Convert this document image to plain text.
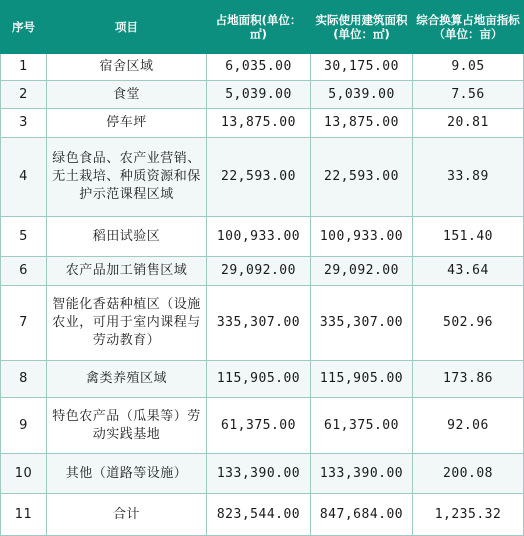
序号	项目	占地面积(单位：㎡)	实际使用建筑面积(单位：㎡)	综合换算占地亩指标（单位：亩）
1	宿舍区域	6,035.00	30,175.00	9.05
2	食堂	5,039.00	5,039.00	7.56
3	停车坪	13,875.00	13,875.00	20.81
4	绿色食品、农产业营销、无土栽培、种质资源和保护示范课程区域	22,593.00	22,593.00	33.89
5	稻田试验区	100,933.00	100,933.00	151.40
6	农产品加工销售区域	29,092.00	29,092.00	43.64
7	智能化香菇种植区（设施农业，可用于室内课程与劳动教育）	335,307.00	335,307.00	502.96
8	禽类养殖区域	115,905.00	115,905.00	173.86
9	特色农产品（瓜果等）劳动实践基地	61,375.00	61,375.00	92.06
10	其他（道路等设施）	133,390.00	133,390.00	200.08
11	合计	823,544.00	847,684.00	1,235.32
